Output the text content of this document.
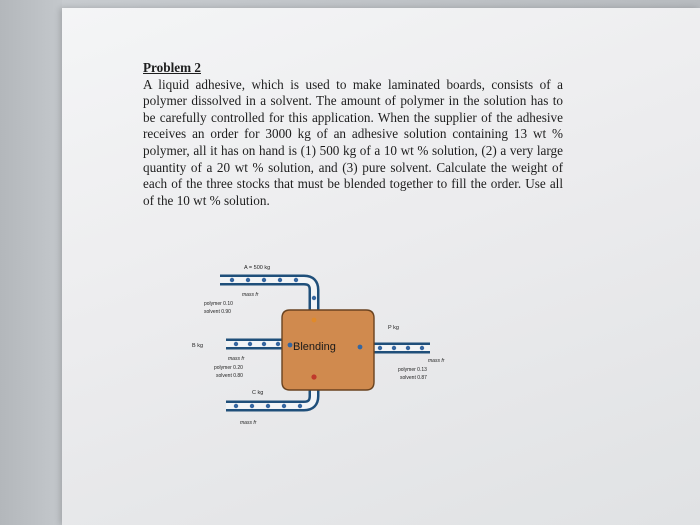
Problem 2
A liquid adhesive, which is used to make laminated boards, consists of a polymer dissolved in a solvent. The amount of polymer in the solution has to be carefully controlled for this application. When the supplier of the adhesive receives an order for 3000 kg of an adhesive solution containing 13 wt % polymer, all it has on hand is (1) 500 kg of a 10 wt % solution, (2) a very large quantity of a 20 wt % solution, and (3) pure solvent. Calculate the weight of each of the three stocks that must be blended together to fill the order. Use all of the 10 wt % solution.
Blending
A = 500 kg
mass fr
polymer 0.10
solvent 0.90
B kg
mass fr
polymer 0.20
solvent 0.80
C kg
mass fr
P kg
mass fr
polymer 0.13
solvent 0.87
